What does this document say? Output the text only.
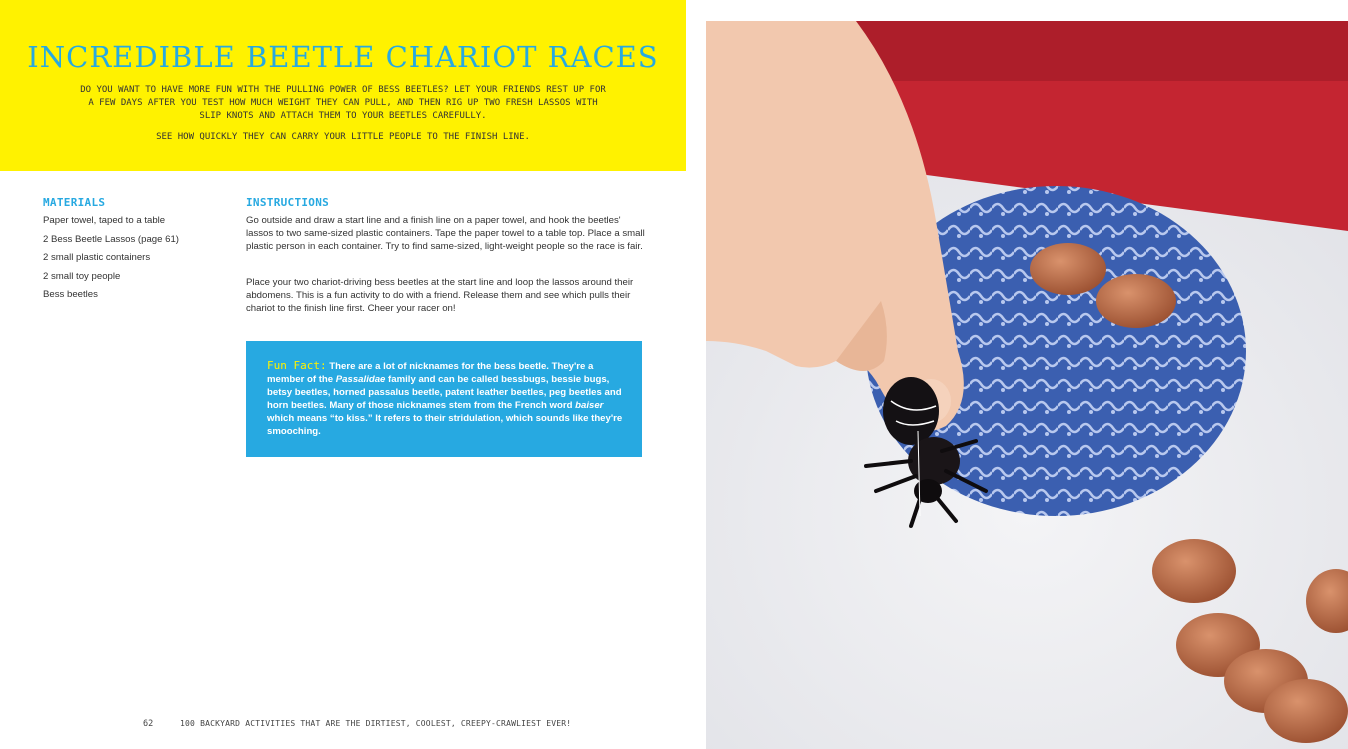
INCREDIBLE BEETLE CHARIOT RACES

DO YOU WANT TO HAVE MORE FUN WITH THE PULLING POWER OF BESS BEETLES? LET YOUR FRIENDS REST UP FOR A FEW DAYS AFTER YOU TEST HOW MUCH WEIGHT THEY CAN PULL, AND THEN RIG UP TWO FRESH LASSOS WITH SLIP KNOTS AND ATTACH THEM TO YOUR BEETLES CAREFULLY.

SEE HOW QUICKLY THEY CAN CARRY YOUR LITTLE PEOPLE TO THE FINISH LINE.

MATERIALS
Paper towel, taped to a table
2 Bess Beetle Lassos (page 61)
2 small plastic containers
2 small toy people
Bess beetles
INSTRUCTIONS

Go outside and draw a start line and a finish line on a paper towel, and hook the beetles' lassos to two same-sized plastic containers. Tape the paper towel to a table top. Place a small plastic person in each container. Try to find same-sized, light-weight people so the race is fair.

Place your two chariot-driving bess beetles at the start line and loop the lassos around their abdomens. This is a fun activity to do with a friend. Release them and see which pulls their chariot to the finish line first. Cheer your racer on!

Fun Fact: There are a lot of nicknames for the bess beetle. They're a member of the Passalidae family and can be called bessbugs, bessie bugs, betsy beetles, horned passalus beetle, patent leather beetles, peg beetles and horn beetles. Many of those nicknames stem from the French word baiser which means “to kiss.” It refers to their stridulation, which sounds like they're smooching.

62	100 BACKYARD ACTIVITIES THAT ARE THE DIRTIEST, COOLEST, CREEPY-CRAWLIEST EVER!
